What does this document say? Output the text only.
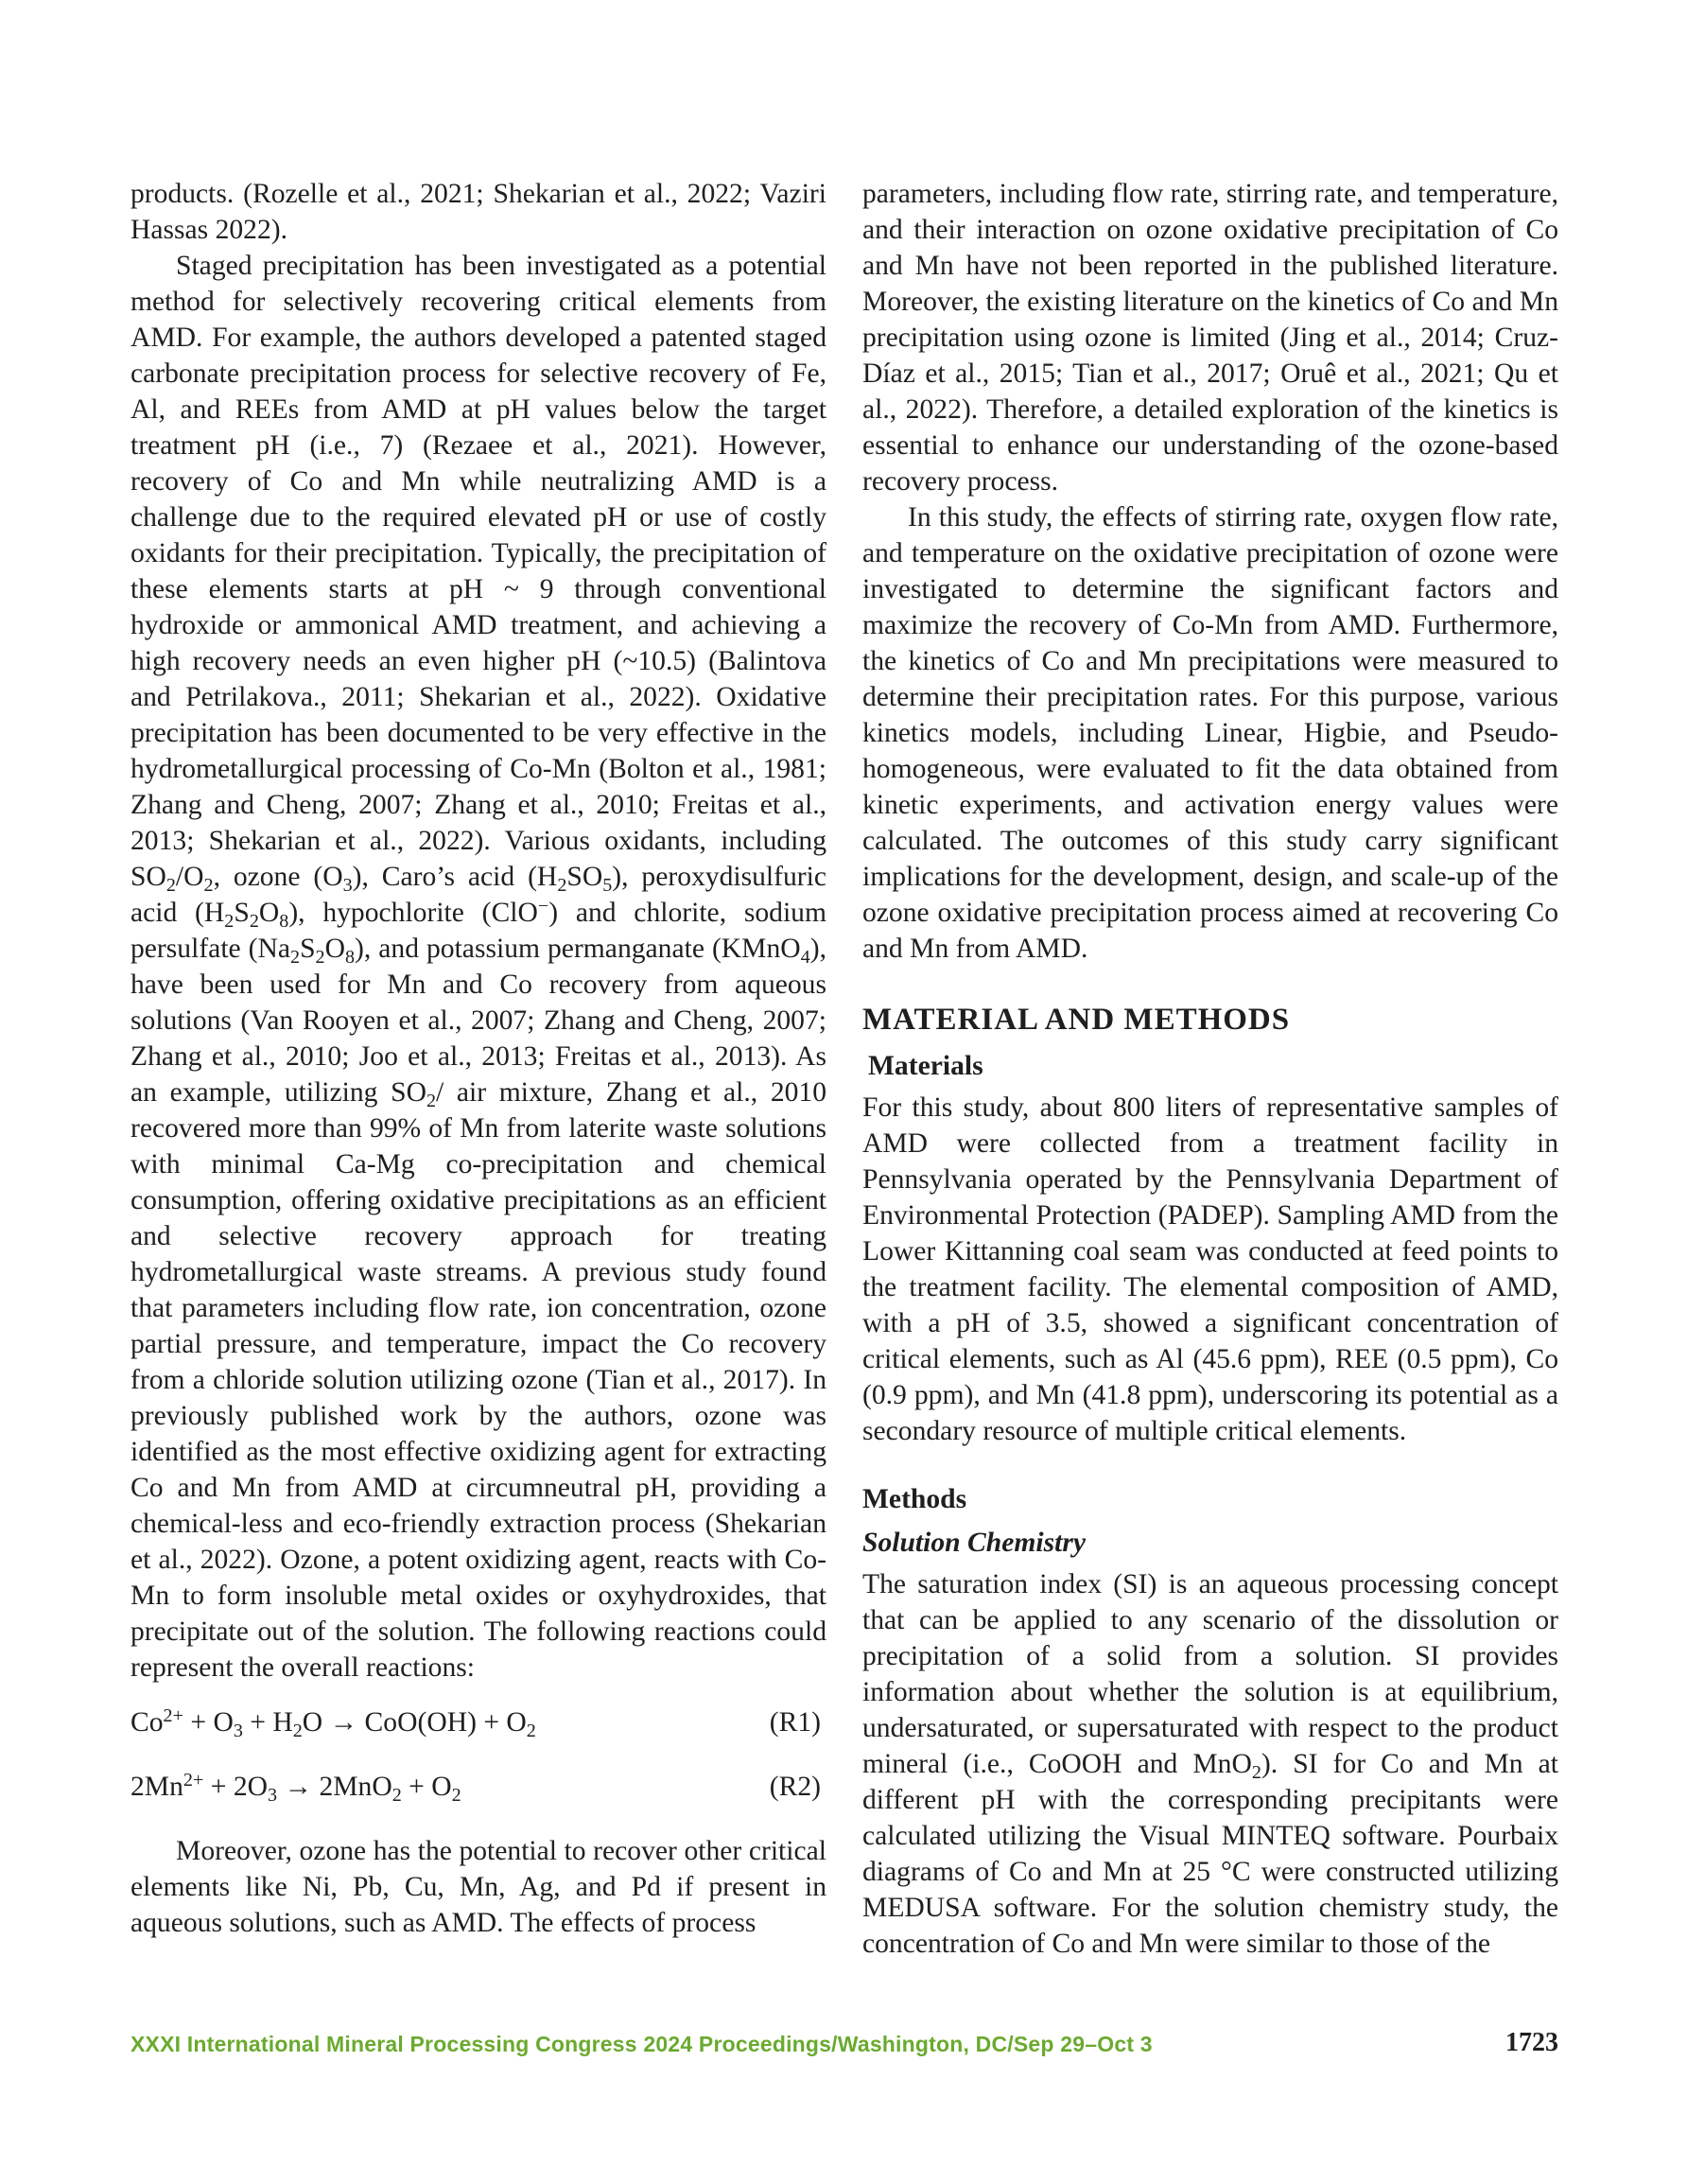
products. (Rozelle et al., 2021; Shekarian et al., 2022; Vaziri Hassas 2022).

Staged precipitation has been investigated as a potential method for selectively recovering critical elements from AMD. For example, the authors developed a patented staged carbonate precipitation process for selective recovery of Fe, Al, and REEs from AMD at pH values below the target treatment pH (i.e., 7) (Rezaee et al., 2021). However, recovery of Co and Mn while neutralizing AMD is a challenge due to the required elevated pH or use of costly oxidants for their precipitation. Typically, the precipitation of these elements starts at pH ~ 9 through conventional hydroxide or ammonical AMD treatment, and achieving a high recovery needs an even higher pH (~10.5) (Balintova and Petrilakova., 2011; Shekarian et al., 2022). Oxidative precipitation has been documented to be very effective in the hydrometallurgical processing of Co-Mn (Bolton et al., 1981; Zhang and Cheng, 2007; Zhang et al., 2010; Freitas et al., 2013; Shekarian et al., 2022). Various oxidants, including $SO_2/O_2$, ozone $(O_3)$, Caro’s acid $(H_2SO_5)$, peroxydisulfuric acid $(H_2S_2O_8)$, hypochlorite (ClO−) and chlorite, sodium persulfate $(Na_2S_2O_8)$, and potassium permanganate (KMnO$_4$), have been used for Mn and Co recovery from aqueous solutions (Van Rooyen et al., 2007; Zhang and Cheng, 2007; Zhang et al., 2010; Joo et al., 2013; Freitas et al., 2013). As an example, utilizing $SO_2/$ air mixture, Zhang et al., 2010 recovered more than 99% of Mn from laterite waste solutions with minimal Ca-Mg co-precipitation and chemical consumption, offering oxidative precipitations as an efficient and selective recovery approach for treating hydrometallurgical waste streams. A previous study found that parameters including flow rate, ion concentration, ozone partial pressure, and temperature, impact the Co recovery from a chloride solution utilizing ozone (Tian et al., 2017). In previously published work by the authors, ozone was identified as the most effective oxidizing agent for extracting Co and Mn from AMD at circumneutral pH, providing a chemical-less and eco-friendly extraction process (Shekarian et al., 2022). Ozone, a potent oxidizing agent, reacts with Co-Mn to form insoluble metal oxides or oxyhydroxides, that precipitate out of the solution. The following reactions could represent the overall reactions:

$Co^{2+} + O_3 + H_2O \to CoO(OH) + O_2$	(R1)
$2Mn^{2+} + 2O_3 \to 2MnO_2 + O_2$	(R2)

Moreover, ozone has the potential to recover other critical elements like Ni, Pb, Cu, Mn, Ag, and Pd if present in aqueous solutions, such as AMD. The effects of process

parameters, including flow rate, stirring rate, and temperature, and their interaction on ozone oxidative precipitation of Co and Mn have not been reported in the published literature. Moreover, the existing literature on the kinetics of Co and Mn precipitation using ozone is limited (Jing et al., 2014; Cruz-Díaz et al., 2015; Tian et al., 2017; Oruê et al., 2021; Qu et al., 2022). Therefore, a detailed exploration of the kinetics is essential to enhance our understanding of the ozone-based recovery process.

In this study, the effects of stirring rate, oxygen flow rate, and temperature on the oxidative precipitation of ozone were investigated to determine the significant factors and maximize the recovery of Co-Mn from AMD. Furthermore, the kinetics of Co and Mn precipitations were measured to determine their precipitation rates. For this purpose, various kinetics models, including Linear, Higbie, and Pseudo-homogeneous, were evaluated to fit the data obtained from kinetic experiments, and activation energy values were calculated. The outcomes of this study carry significant implications for the development, design, and scale-up of the ozone oxidative precipitation process aimed at recovering Co and Mn from AMD.

MATERIAL AND METHODS
Materials

For this study, about 800 liters of representative samples of AMD were collected from a treatment facility in Pennsylvania operated by the Pennsylvania Department of Environmental Protection (PADEP). Sampling AMD from the Lower Kittanning coal seam was conducted at feed points to the treatment facility. The elemental composition of AMD, with a pH of 3.5, showed a significant concentration of critical elements, such as Al (45.6 ppm), REE (0.5 ppm), Co (0.9 ppm), and Mn (41.8 ppm), underscoring its potential as a secondary resource of multiple critical elements.

Methods
Solution Chemistry

The saturation index (SI) is an aqueous processing concept that can be applied to any scenario of the dissolution or precipitation of a solid from a solution. SI provides information about whether the solution is at equilibrium, undersaturated, or supersaturated with respect to the product mineral (i.e., CoOOH and MnO$_2$). SI for Co and Mn at different pH with the corresponding precipitants were calculated utilizing the Visual MINTEQ software. Pourbaix diagrams of Co and Mn at 25 °C were constructed utilizing MEDUSA software. For the solution chemistry study, the concentration of Co and Mn were similar to those of the

XXXI International Mineral Processing Congress 2024 Proceedings/Washington, DC/Sep 29–Oct 3	1723
